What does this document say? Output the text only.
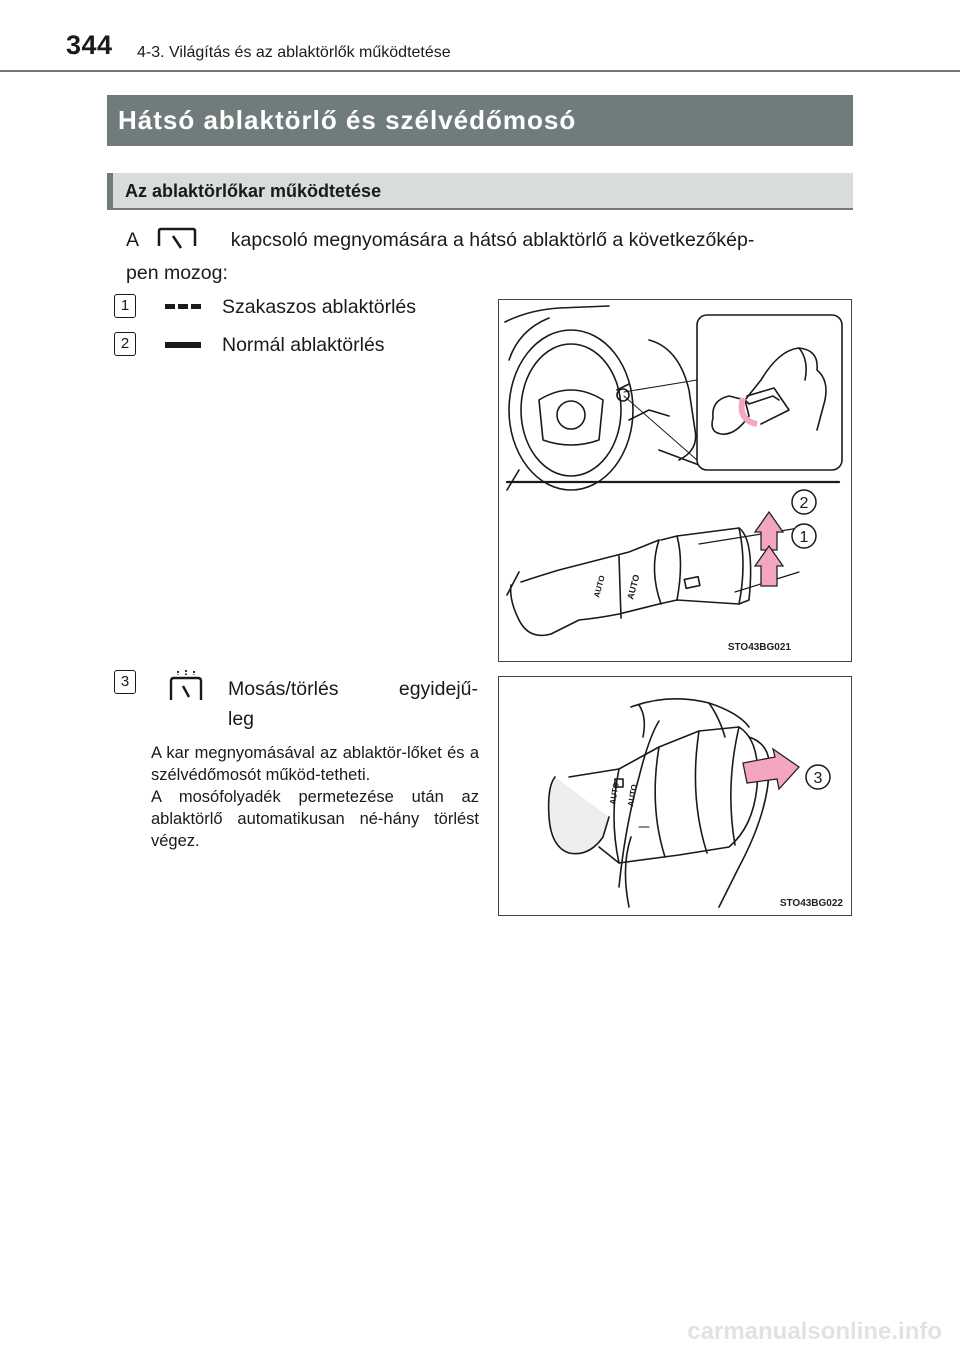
344 4-3. Világítás és az ablaktörlők működtetése
Hátsó ablaktörlő és szélvédőmosó
Az ablaktörlőkar működtetése
A	kapcsoló megnyomására a hátsó ablaktörlő a következőkép-
pen mozog:
1	Szakaszos ablaktörlés
2	Normál ablaktörlés
3	Mosás/törlés egyidejű-
leg

A kar megnyomásával az ablaktör-lőket és a szélvédőmosót működ-tetheti.

A mosófolyadék permetezése után az ablaktörlő automatikusan né-hány törlést végez.

2
1
AUTO AUTO
STO43BG021
AUTO AUTO
3
STO43BG022
carmanualsonline.info
